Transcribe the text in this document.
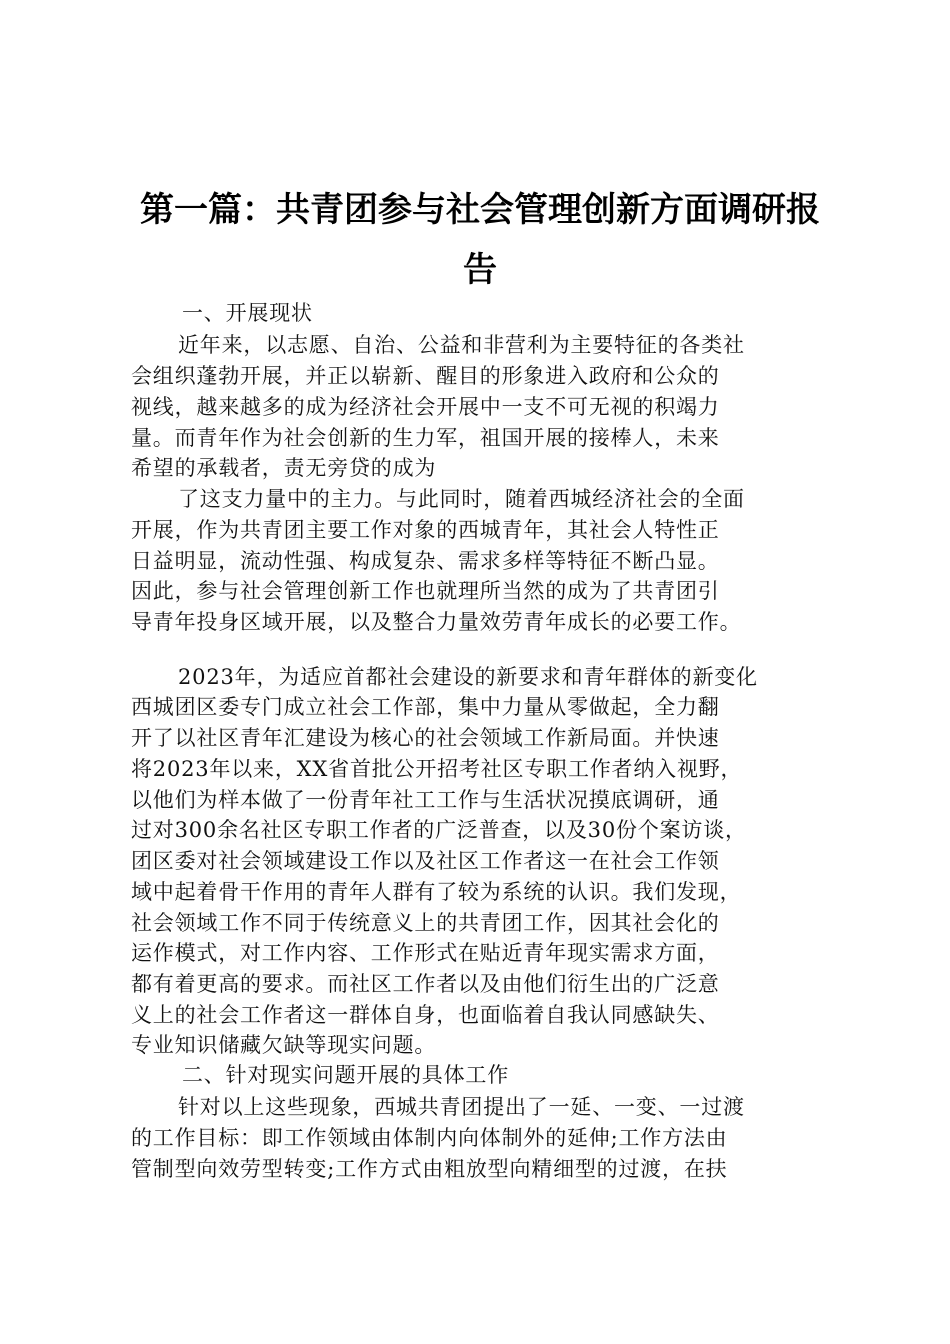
第一篇：共青团参与社会管理创新方面调研报
告
一、开展现状
近年来，以志愿、自治、公益和非营利为主要特征的各类社
会组织蓬勃开展，并正以崭新、醒目的形象进入政府和公众的
视线，越来越多的成为经济社会开展中一支不可无视的积竭力
量。而青年作为社会创新的生力军，祖国开展的接棒人，未来
希望的承载者，责无旁贷的成为
了这支力量中的主力。与此同时，随着西城经济社会的全面
开展，作为共青团主要工作对象的西城青年，其社会人特性正
日益明显，流动性强、构成复杂、需求多样等特征不断凸显。
因此，参与社会管理创新工作也就理所当然的成为了共青团引
导青年投身区域开展，以及整合力量效劳青年成长的必要工作。
2023年，为适应首都社会建设的新要求和青年群体的新变化
西城团区委专门成立社会工作部，集中力量从零做起，全力翻
开了以社区青年汇建设为核心的社会领域工作新局面。并快速
将2023年以来，XX省首批公开招考社区专职工作者纳入视野，
以他们为样本做了一份青年社工工作与生活状况摸底调研，通
过对300余名社区专职工作者的广泛普查，以及30份个案访谈，
团区委对社会领域建设工作以及社区工作者这一在社会工作领
域中起着骨干作用的青年人群有了较为系统的认识。我们发现，
社会领域工作不同于传统意义上的共青团工作，因其社会化的
运作模式，对工作内容、工作形式在贴近青年现实需求方面，
都有着更高的要求。而社区工作者以及由他们衍生出的广泛意
义上的社会工作者这一群体自身，也面临着自我认同感缺失、
专业知识储藏欠缺等现实问题。
二、针对现实问题开展的具体工作
针对以上这些现象，西城共青团提出了一延、一变、一过渡
的工作目标：即工作领域由体制内向体制外的延伸;工作方法由
管制型向效劳型转变;工作方式由粗放型向精细型的过渡，在扶
